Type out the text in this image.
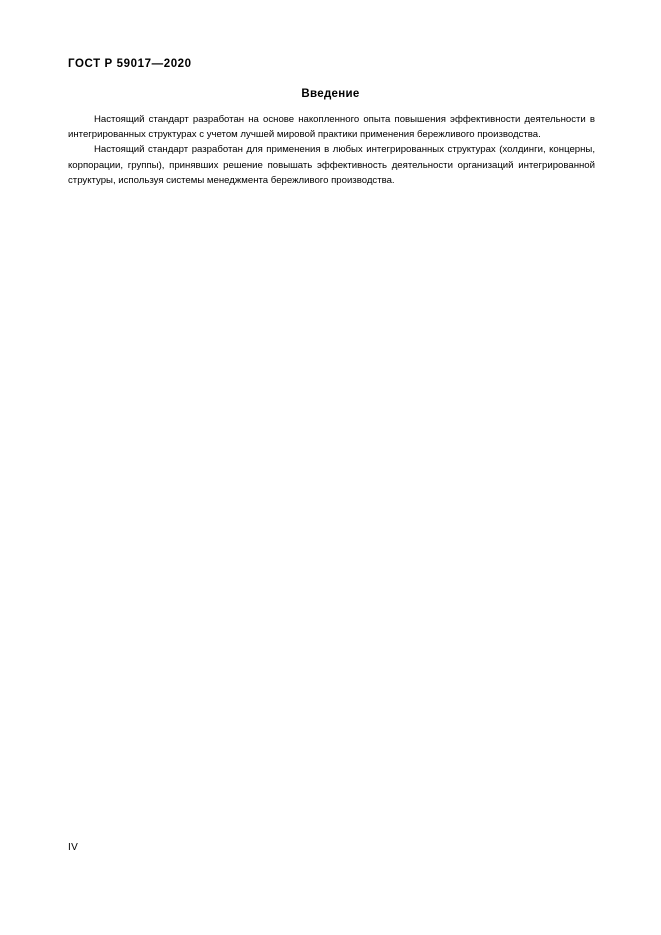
ГОСТ Р 59017—2020
Введение

Настоящий стандарт разработан на основе накопленного опыта повышения эффективности деятельности в интегрированных структурах с учетом лучшей мировой практики применения бережливого производства.

Настоящий стандарт разработан для применения в любых интегрированных структурах (холдинги, концерны, корпорации, группы), принявших решение повышать эффективность деятельности организаций интегрированной структуры, используя системы менеджмента бережливого производства.

IV
